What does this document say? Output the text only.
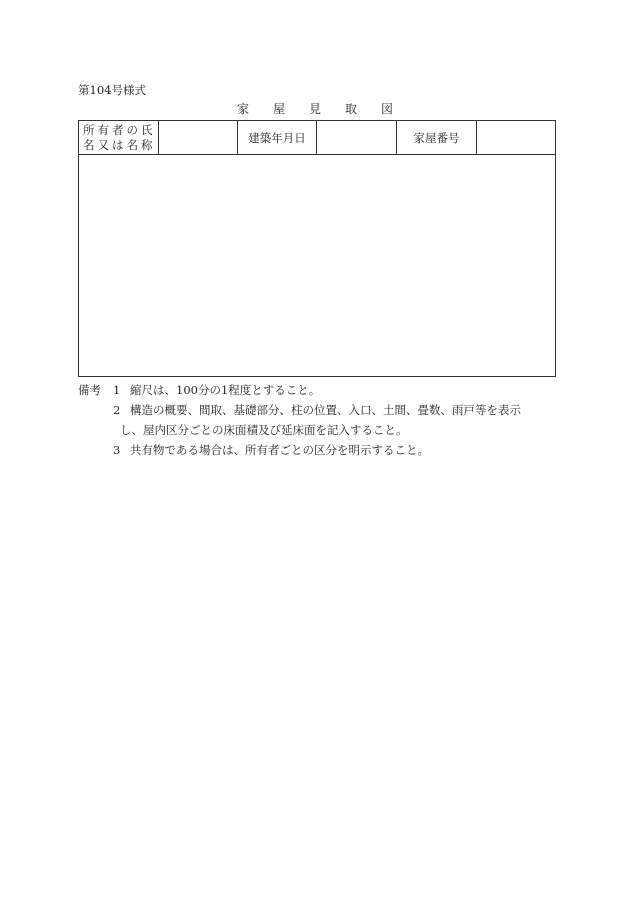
第104号様式
家 屋 見 取 図
所有者の氏
名又は名称
建築年月日	家屋番号
備考 1 縮尺は、100分の1程度とすること。
2 構造の概要、間取、基礎部分、柱の位置、入口、土間、畳数、雨戸等を表示
し、屋内区分ごとの床面積及び延床面を記入すること。
3 共有物である場合は、所有者ごとの区分を明示すること。
